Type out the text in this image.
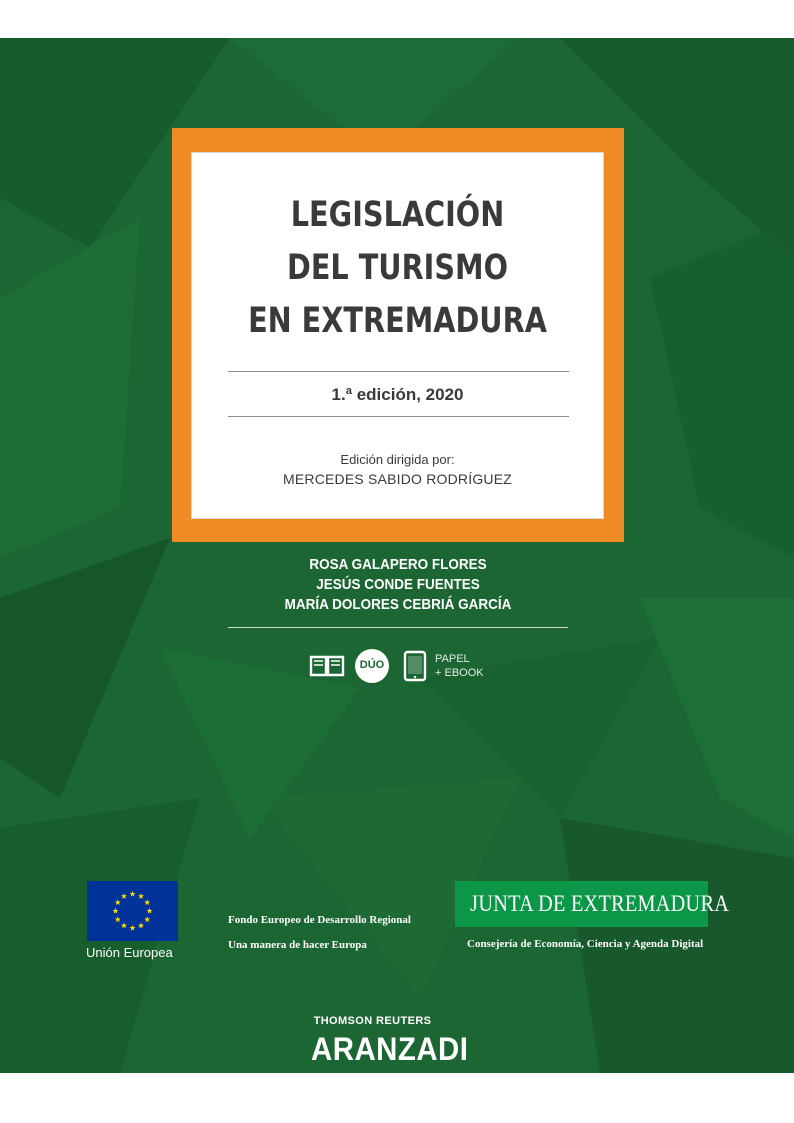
LEGISLACIÓN
DEL TURISMO
EN EXTREMADURA
1.ª edición, 2020
Edición dirigida por:
MERCEDES SABIDO RODRÍGUEZ
ROSA GALAPERO FLORES
JESÚS CONDE FUENTES
MARÍA DOLORES CEBRIÁ GARCÍA
DÚO	PAPEL
+ EBOOK
Unión Europea
Fondo Europeo de Desarrollo Regional
Una manera de hacer Europa
JUNTA DE EXTREMADURA
Consejería de Economía, Ciencia y Agenda Digital
THOMSON REUTERS
ARANZADI
